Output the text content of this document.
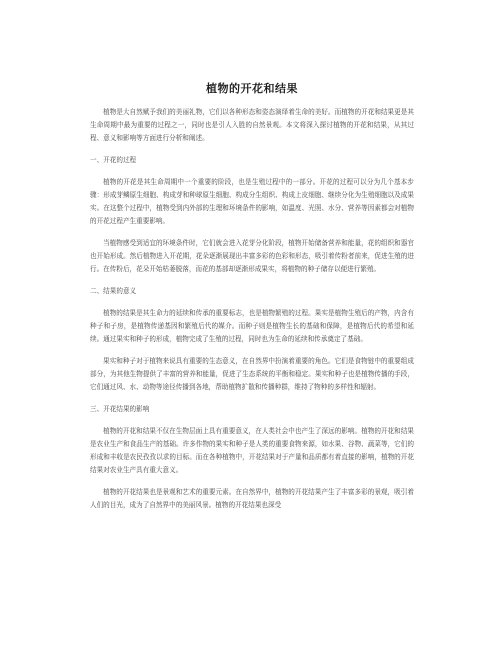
植物的开花和结果

植物是大自然赋予我们的美丽礼物，它们以各种形态和姿态演绎着生命的美好。而植物的开花和结果更是其生命周期中最为重要的过程之一，同时也是引人入胜的自然景观。本文将深入探讨植物的开花和结果，从其过程、意义和影响等方面进行分析和阐述。

一、开花的过程

植物的开花是其生命周期中一个重要的阶段，也是生殖过程中的一部分。开花的过程可以分为几个基本步骤：形成芽鳞原生细胞、构成芽和种球原生细胞、构成分生组织、构成上皮细胞、继续分化为生殖细胞以及成果实。在这整个过程中，植物受到内外部的生理和环境条件的影响，如温度、光照、水分、营养等因素都会对植物的开花过程产生重要影响。

当植物感受到适宜的环境条件时，它们就会进入花芽分化阶段，植物开始储备营养和能量，花的组织和器官也开始形成。然后植物进入开花期，花朵逐渐展现出丰富多彩的色彩和形态，吸引着传粉者前来，促进生殖的进行。在传粉后，花朵开始枯萎脱落，而花的基部却逐渐形成果实，将植物的种子储存以便进行繁殖。

二、结果的意义

植物的结果是其生命力的延续和传承的重要标志，也是植物繁殖的过程。果实是植物生殖后的产物，内含有种子和子房，是植物传递基因和繁殖后代的媒介。而种子则是植物生长的基础和保障，是植物后代的希望和延续。通过果实和种子的形成，植物完成了生殖的过程，同时也为生命的延续和传承奠定了基础。

果实和种子对于植物来说具有重要的生态意义，在自然界中扮演着重要的角色。它们是食物链中的重要组成部分，为其他生物提供了丰富的营养和能量，促进了生态系统的平衡和稳定。果实和种子也是植物传播的手段，它们通过风、水、动物等途径传播到各地，帮助植物扩散和传播种群，维持了物种的多样性和辐射。

三、开花结果的影响

植物的开花和结果不仅在生物层面上具有重要意义，在人类社会中也产生了深远的影响。植物的开花和结果是农业生产和食品生产的基础。许多作物的果实和种子是人类的重要食物来源，如水果、谷物、蔬菜等，它们的形成和丰收是农民孜孜以求的目标。而在各种植物中，开花结果对于产量和品质都有着直接的影响，植物的开花结果对农业生产具有重大意义。

植物的开花结果也是景观和艺术的重要元素。在自然界中，植物的开花结果产生了丰富多彩的景观，吸引着人们的目光，成为了自然界中的美丽风景。植物的开花结果也深受
